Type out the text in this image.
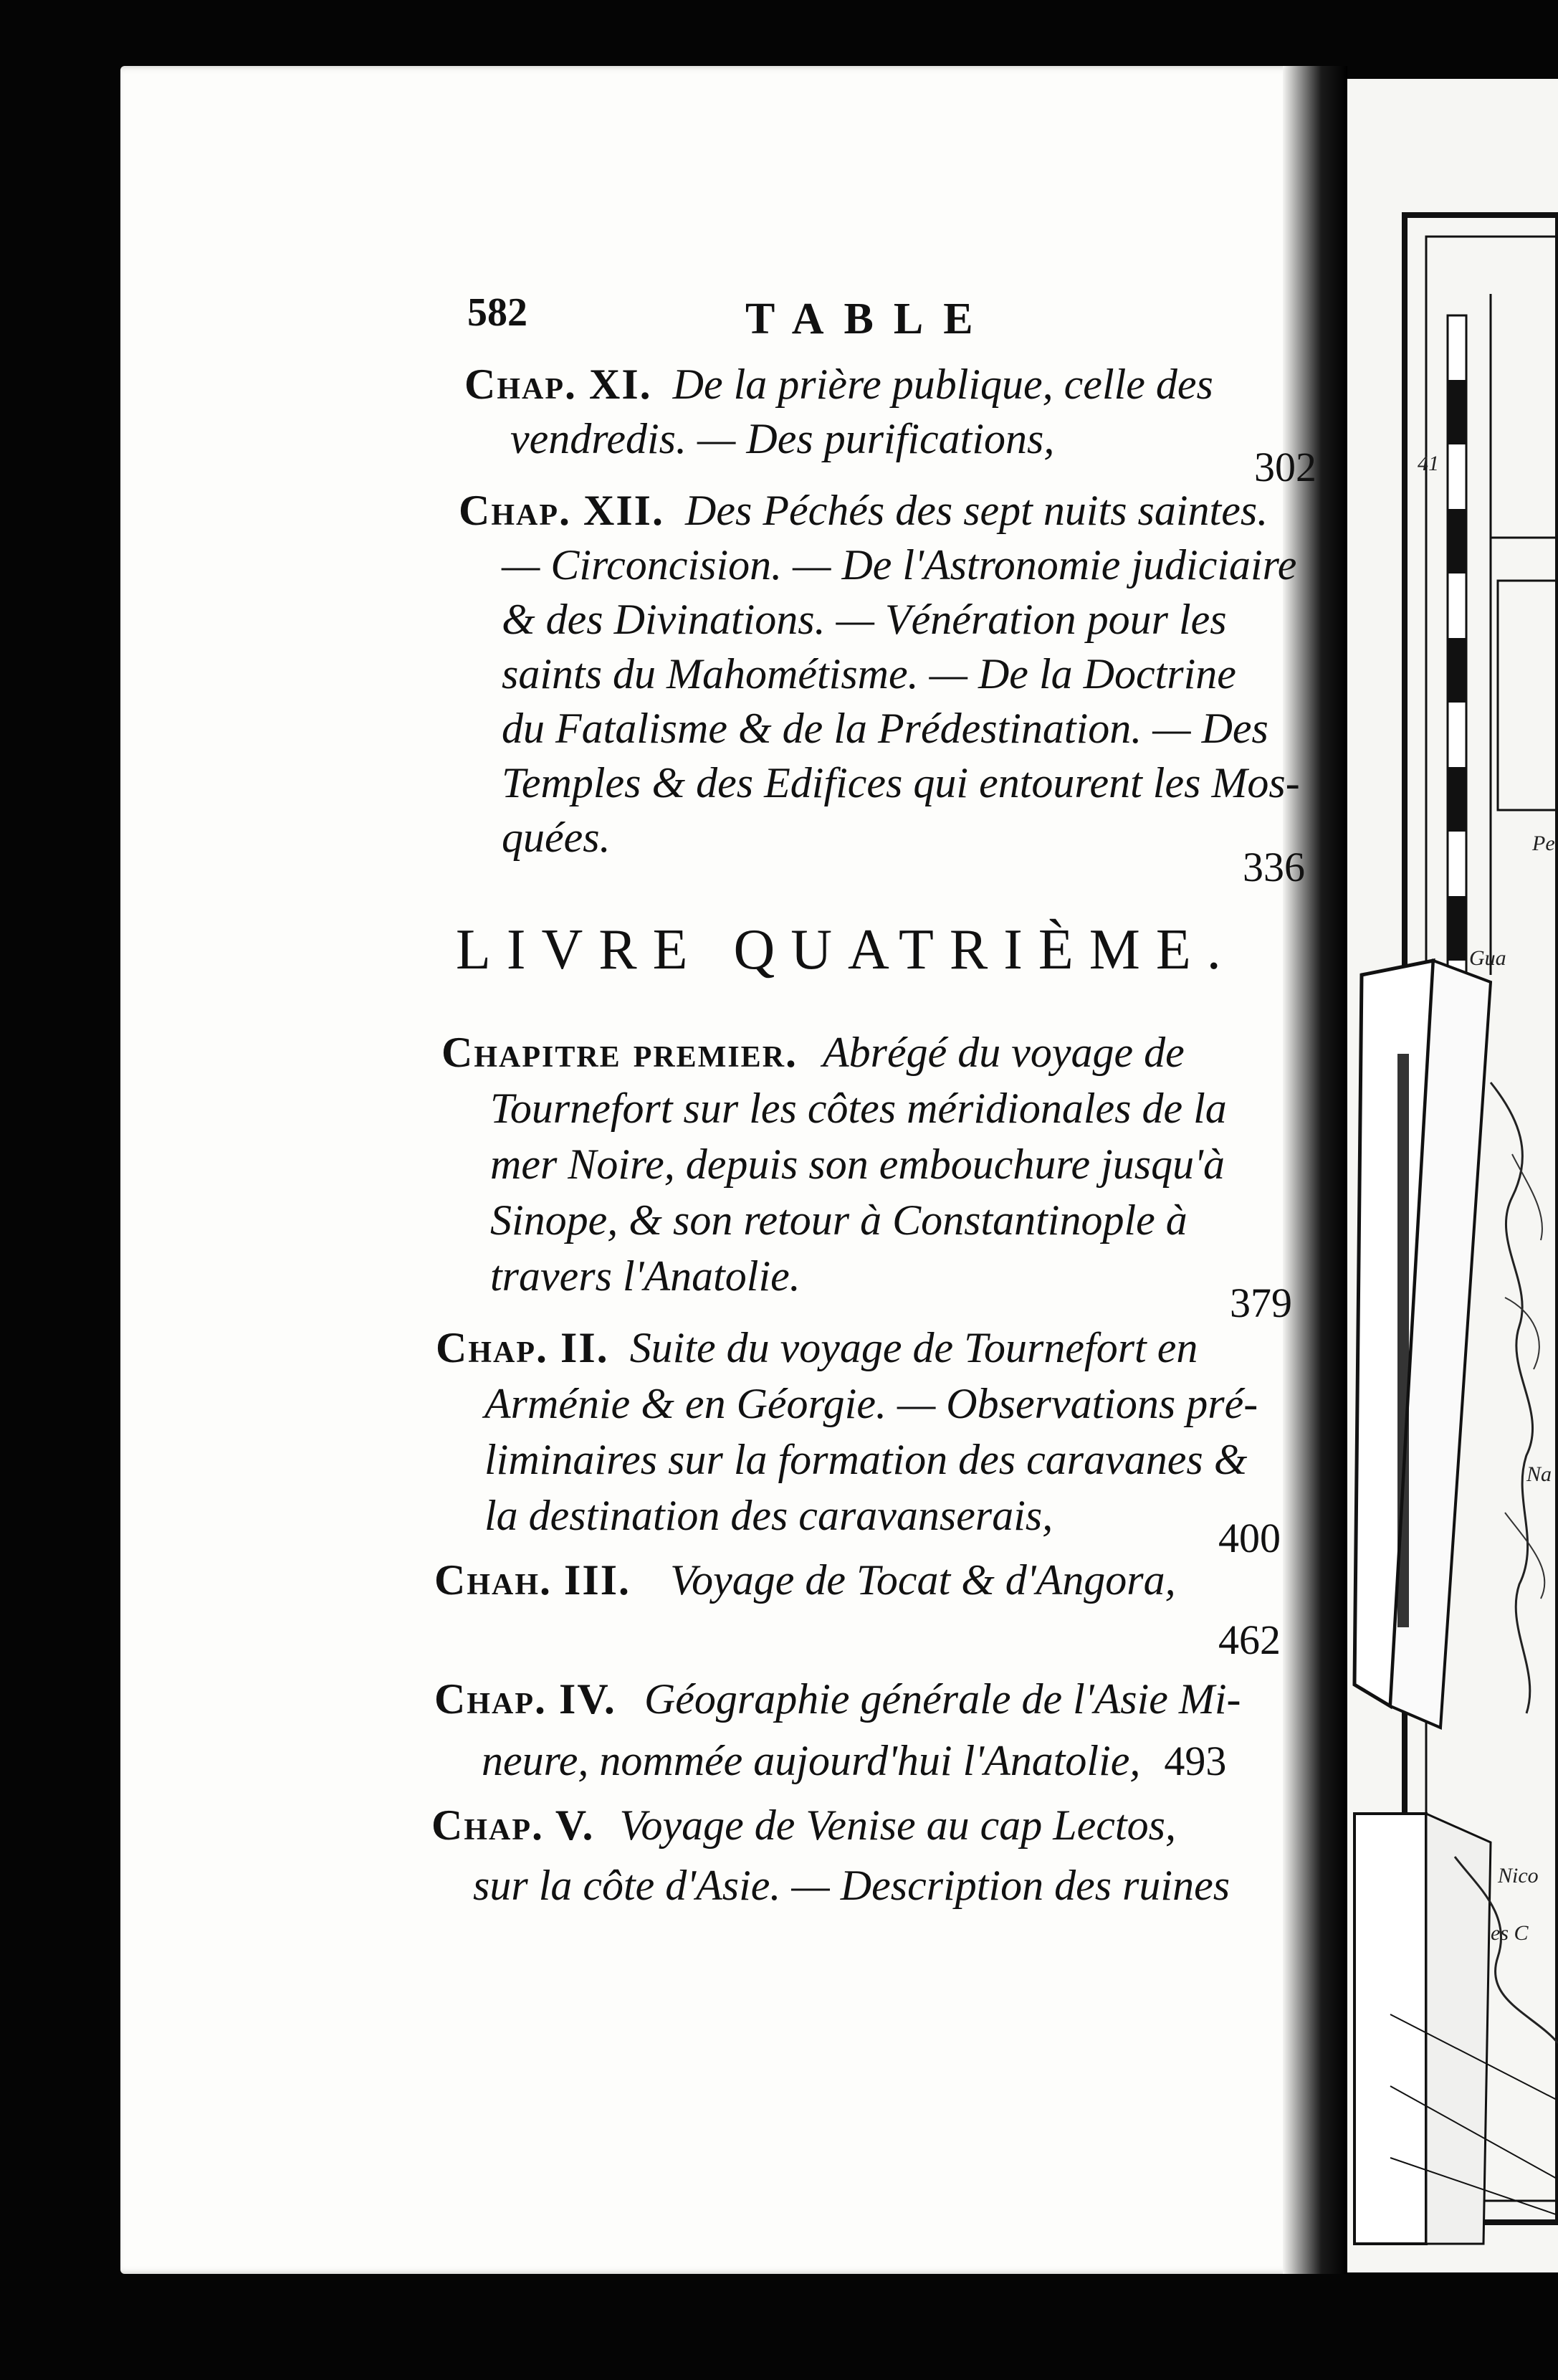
41
Pe
Gua
Na
Nico
es C
582	TABLE
Chap. XI. De la prière publique, celle des
vendredis. — Des purifications,
302
Chap. XII. Des Péchés des sept nuits saintes.
— Circoncision. — De l'Astronomie judiciaire
& des Divinations. — Vénération pour les
saints du Mahométisme. — De la Doctrine
du Fatalisme & de la Prédestination. — Des
Temples & des Edifices qui entourent les Mos-
quées.
336
LIVRE QUATRIÈME.
Chapitre premier. Abrégé du voyage de
Tournefort sur les côtes méridionales de la
mer Noire, depuis son embouchure jusqu'à
Sinope, & son retour à Constantinople à
travers l'Anatolie.
379
Chap. II. Suite du voyage de Tournefort en
Arménie & en Géorgie. — Observations pré-
liminaires sur la formation des caravanes &
la destination des caravanserais,	400
Chah. III. Voyage de Tocat & d'Angora,
462
Chap. IV. Géographie générale de l'Asie Mi-
neure, nommée aujourd'hui l'Anatolie, 493
Chap. V. Voyage de Venise au cap Lectos,
sur la côte d'Asie. — Description des ruines
